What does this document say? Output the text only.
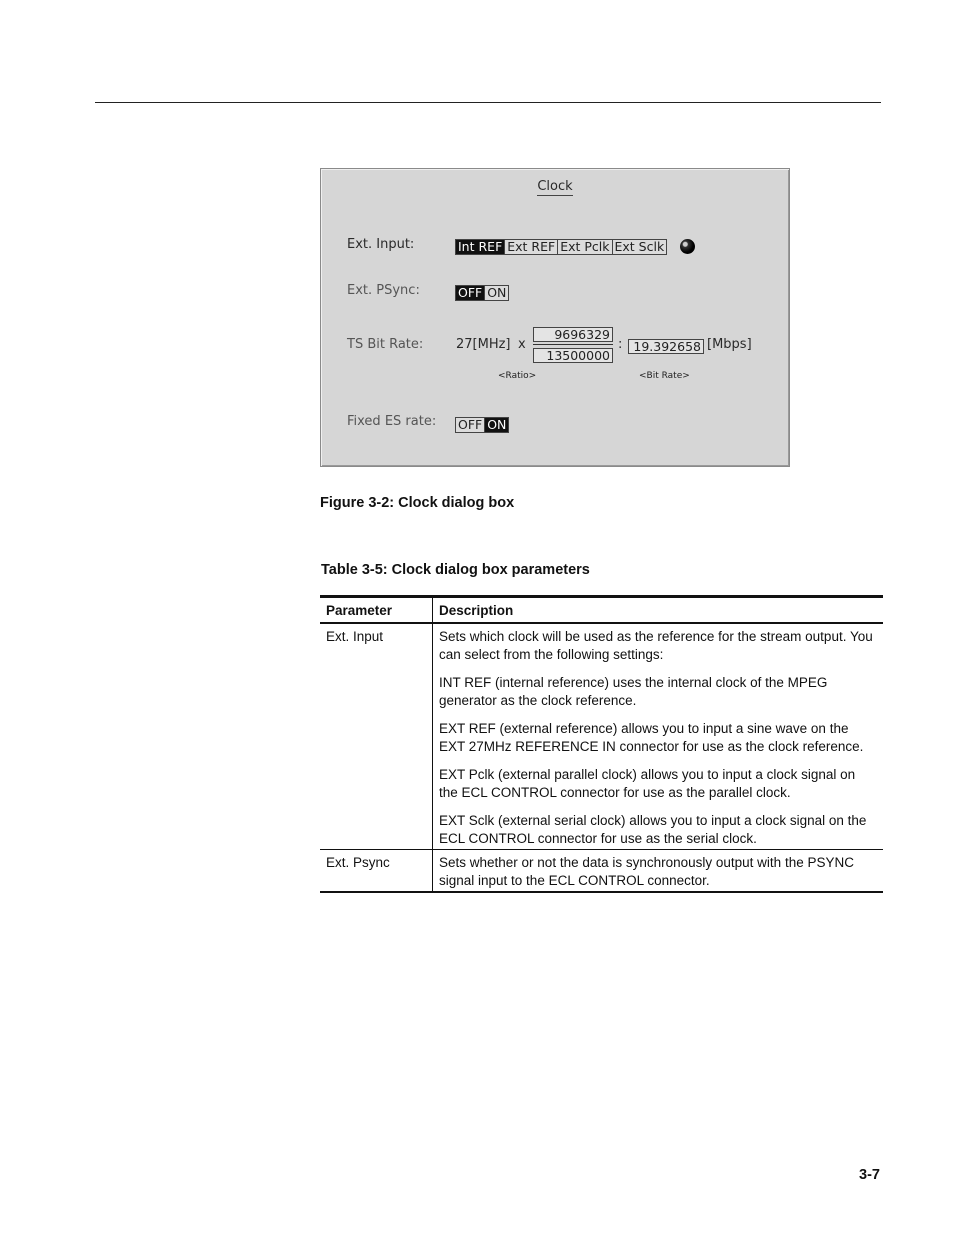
Clock
Ext. Input:	Int REF Ext REF Ext Pclk Ext Sclk
Ext. PSync:	OFF ON
TS Bit Rate:	27[MHz] x
9696329
13500000
: 19.392658 [Mbps]
<Ratio>	<Bit Rate>
Fixed ES rate: OFF ON
Figure 3-2: Clock dialog box
Table 3-5: Clock dialog box parameters
Parameter	Description
Ext. Input	Sets which clock will be used as the reference for the stream output. You can select from the following settings:

INT REF (internal reference) uses the internal clock of the MPEG generator as the clock reference.

EXT REF (external reference) allows you to input a sine wave on the EXT 27MHz REFERENCE IN connector for use as the clock reference.

EXT Pclk (external parallel clock) allows you to input a clock signal on the ECL CONTROL connector for use as the parallel clock.

EXT Sclk (external serial clock) allows you to input a clock signal on the ECL CONTROL connector for use as the serial clock.

Ext. Psync	Sets whether or not the data is synchronously output with the PSYNC signal input to the ECL CONTROL connector.

3-7
